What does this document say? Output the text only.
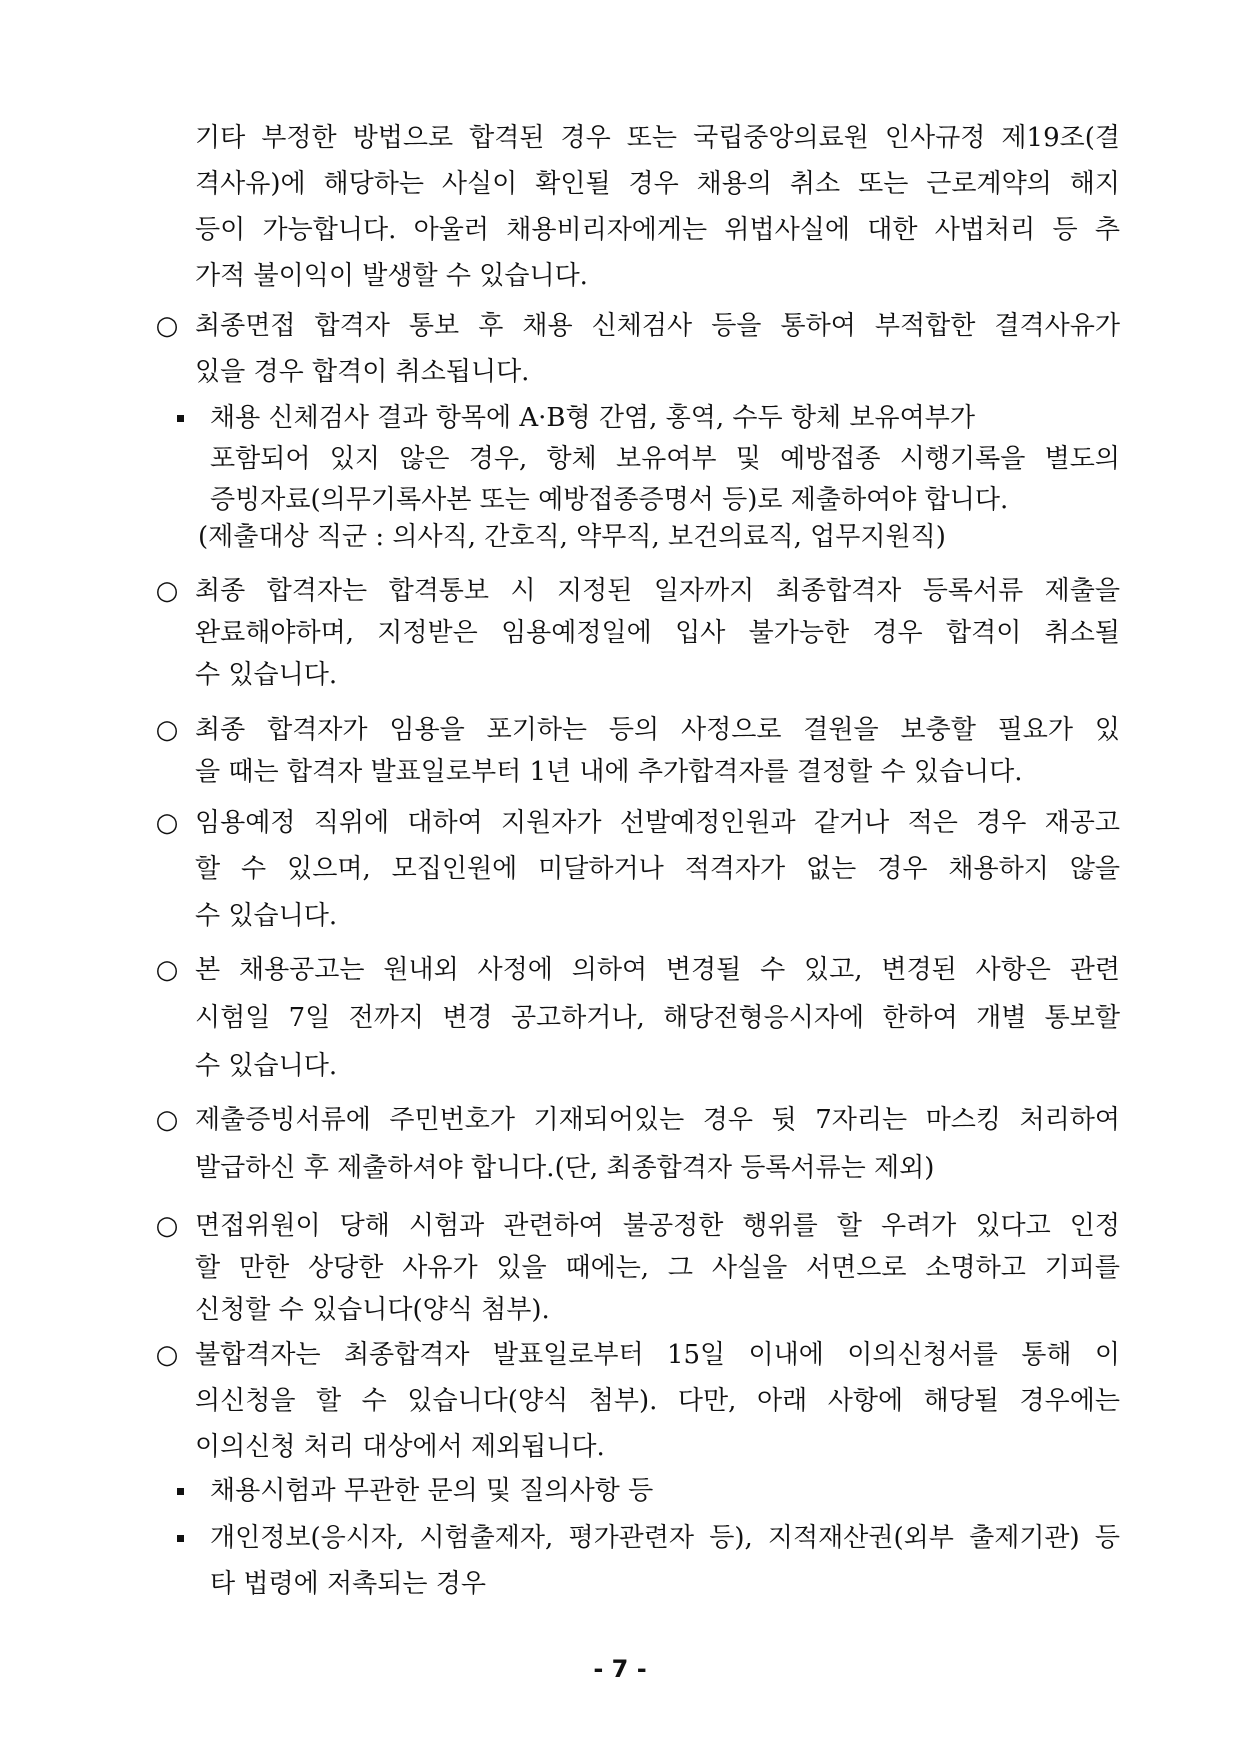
기타 부정한 방법으로 합격된 경우 또는 국립중앙의료원 인사규정 제19조(결
격사유)에 해당하는 사실이 확인될 경우 채용의 취소 또는 근로계약의 해지
등이 가능합니다. 아울러 채용비리자에게는 위법사실에 대한 사법처리 등 추
가적 불이익이 발생할 수 있습니다.
○ 최종면접 합격자 통보 후 채용 신체검사 등을 통하여 부적합한 결격사유가
있을 경우 합격이 취소됩니다.
채용 신체검사 결과 항목에 A·B형 간염, 홍역, 수두 항체 보유여부가
포함되어 있지 않은 경우, 항체 보유여부 및 예방접종 시행기록을 별도의
증빙자료(의무기록사본 또는 예방접종증명서 등)로 제출하여야 합니다.
(제출대상 직군 : 의사직, 간호직, 약무직, 보건의료직, 업무지원직)
○ 최종 합격자는 합격통보 시 지정된 일자까지 최종합격자 등록서류 제출을
완료해야하며, 지정받은 임용예정일에 입사 불가능한 경우 합격이 취소될
수 있습니다.
○ 최종 합격자가 임용을 포기하는 등의 사정으로 결원을 보충할 필요가 있
을 때는 합격자 발표일로부터 1년 내에 추가합격자를 결정할 수 있습니다.
○ 임용예정 직위에 대하여 지원자가 선발예정인원과 같거나 적은 경우 재공고
할 수 있으며, 모집인원에 미달하거나 적격자가 없는 경우 채용하지 않을
수 있습니다.
○ 본 채용공고는 원내외 사정에 의하여 변경될 수 있고, 변경된 사항은 관련
시험일 7일 전까지 변경 공고하거나, 해당전형응시자에 한하여 개별 통보할
수 있습니다.
○ 제출증빙서류에 주민번호가 기재되어있는 경우 뒷 7자리는 마스킹 처리하여
발급하신 후 제출하셔야 합니다.(단, 최종합격자 등록서류는 제외)
○ 면접위원이 당해 시험과 관련하여 불공정한 행위를 할 우려가 있다고 인정
할 만한 상당한 사유가 있을 때에는, 그 사실을 서면으로 소명하고 기피를
신청할 수 있습니다(양식 첨부).
○ 불합격자는 최종합격자 발표일로부터 15일 이내에 이의신청서를 통해 이
의신청을 할 수 있습니다(양식 첨부). 다만, 아래 사항에 해당될 경우에는
이의신청 처리 대상에서 제외됩니다.
채용시험과 무관한 문의 및 질의사항 등
개인정보(응시자, 시험출제자, 평가관련자 등), 지적재산권(외부 출제기관) 등
타 법령에 저촉되는 경우
- 7 -
